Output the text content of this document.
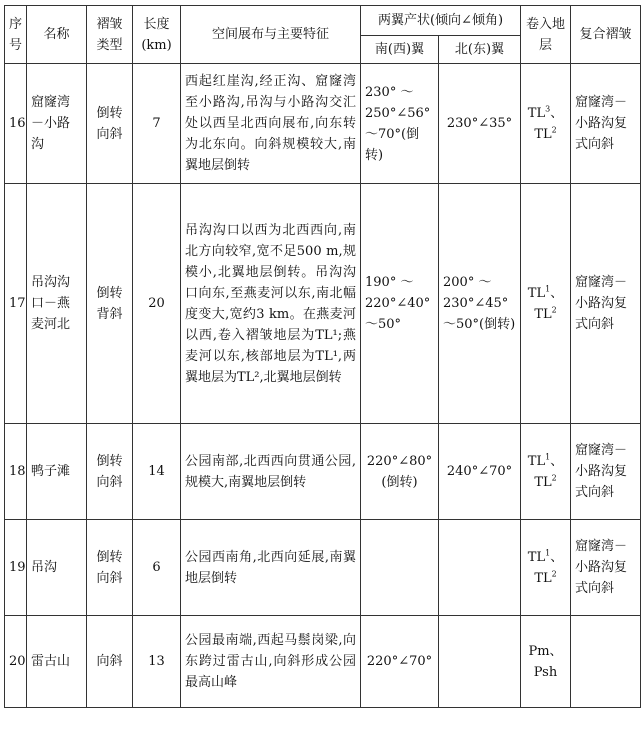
序号	名称	褶皱类型	长度(km)	空间展布与主要特征	两翼产状(倾向∠倾角)		卷入地层	复合褶皱
					南(西)翼	北(东)翼		
16	窟窿湾－小路沟	倒转向斜	7	西起红崖沟,经正沟、窟窿湾至小路沟,吊沟与小路沟交汇处以西呈北西向展布,向东转为北东向。向斜规模较大,南翼地层倒转	230° ～250°∠56° ～70°(倒转)	230°∠35°	$TL^3$、
$TL^2$	窟窿湾－小路沟复式向斜
17	吊沟沟口－燕麦河北	倒转背斜	20	吊沟沟口以西为北西西向,南北方向较窄,宽不足500 m,规模小,北翼地层倒转。吊沟沟口向东,至燕麦河以东,南北幅度变大,宽约3 km。在燕麦河以西,卷入褶皱地层为TL¹;燕麦河以东,核部地层为TL¹,两翼地层为TL²,北翼地层倒转	190° ～220°∠40°～50°	200° ～230°∠45° ～50°(倒转)	$TL^1$、
$TL^2$	窟窿湾－小路沟复式向斜
18	鸭子滩	倒转向斜	14	公园南部,北西西向贯通公园,规模大,南翼地层倒转	220°∠80°(倒转)	240°∠70°	$TL^1$、
$TL^2$	窟窿湾－小路沟复式向斜
19	吊沟	倒转向斜	6	公园西南角,北西向延展,南翼地层倒转			$TL^1$、
$TL^2$	窟窿湾－小路沟复式向斜
20	雷古山	向斜	13	公园最南端,西起马鬃岗梁,向东跨过雷古山,向斜形成公园最高山峰	220°∠70°		Pm、
Psh	
